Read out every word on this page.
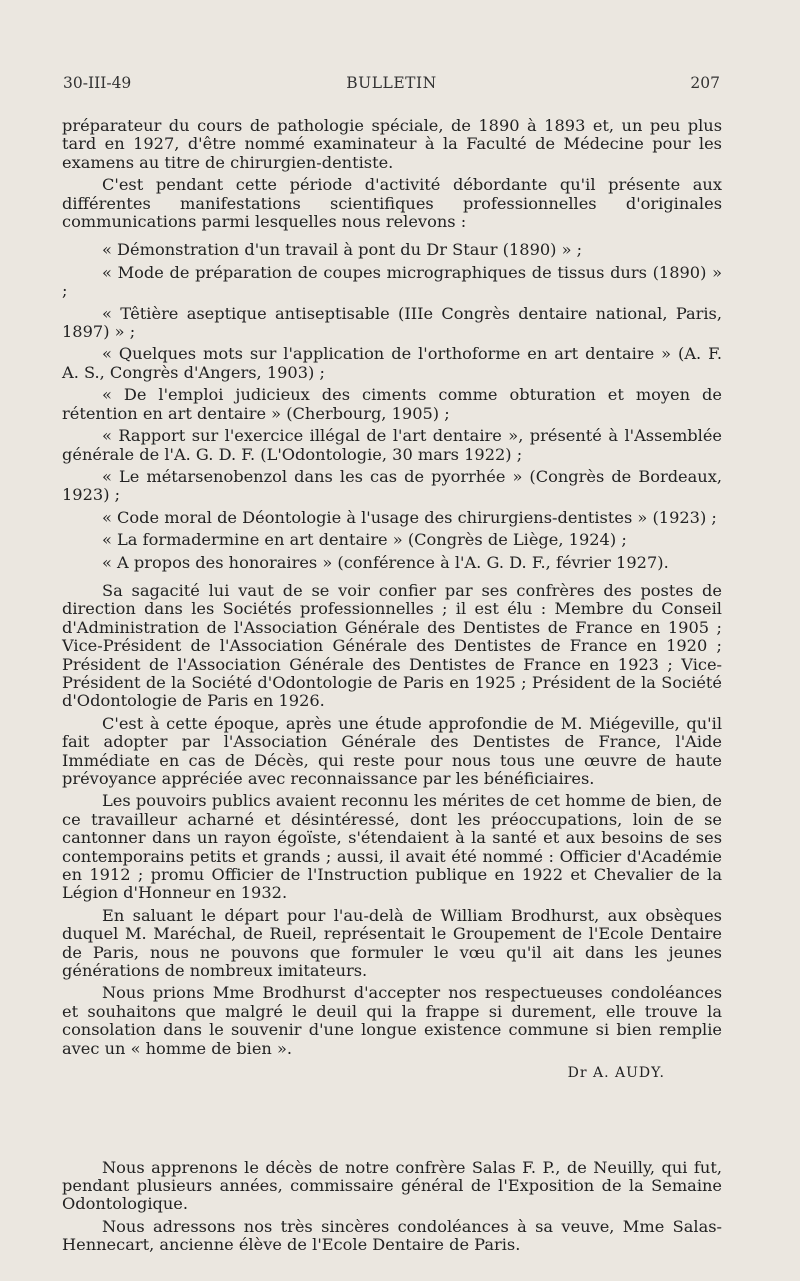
30-III-49	BULLETIN	207

préparateur du cours de pathologie spéciale, de 1890 à 1893 et, un peu plus tard en 1927, d'être nommé examinateur à la Faculté de Médecine pour les examens au titre de chirurgien-dentiste.

C'est pendant cette période d'activité débordante qu'il présente aux différentes manifestations scientifiques professionnelles d'originales communications parmi lesquelles nous relevons :

« Démonstration d'un travail à pont du Dr Staur (1890) » ;

« Mode de préparation de coupes micrographiques de tissus durs (1890) » ;

« Têtière aseptique antiseptisable (IIIe Congrès dentaire national, Paris, 1897) » ;

« Quelques mots sur l'application de l'orthoforme en art dentaire » (A. F. A. S., Congrès d'Angers, 1903) ;

« De l'emploi judicieux des ciments comme obturation et moyen de rétention en art dentaire » (Cherbourg, 1905) ;

« Rapport sur l'exercice illégal de l'art dentaire », présenté à l'Assemblée générale de l'A. G. D. F. (L'Odontologie, 30 mars 1922) ;

« Le métarsenobenzol dans les cas de pyorrhée » (Congrès de Bordeaux, 1923) ;

« Code moral de Déontologie à l'usage des chirurgiens-dentistes » (1923) ;

« La formadermine en art dentaire » (Congrès de Liège, 1924) ;

« A propos des honoraires » (conférence à l'A. G. D. F., février 1927).

Sa sagacité lui vaut de se voir confier par ses confrères des postes de direction dans les Sociétés professionnelles ; il est élu : Membre du Conseil d'Administration de l'Association Générale des Dentistes de France en 1905 ; Vice-Président de l'Association Générale des Dentistes de France en 1920 ; Président de l'Association Générale des Dentistes de France en 1923 ; Vice-Président de la Société d'Odontologie de Paris en 1925 ; Président de la Société d'Odontologie de Paris en 1926.

C'est à cette époque, après une étude approfondie de M. Miégeville, qu'il fait adopter par l'Association Générale des Dentistes de France, l'Aide Immédiate en cas de Décès, qui reste pour nous tous une œuvre de haute prévoyance appréciée avec reconnaissance par les bénéficiaires.

Les pouvoirs publics avaient reconnu les mérites de cet homme de bien, de ce travailleur acharné et désintéressé, dont les préoccupations, loin de se cantonner dans un rayon égoïste, s'étendaient à la santé et aux besoins de ses contemporains petits et grands ; aussi, il avait été nommé : Officier d'Académie en 1912 ; promu Officier de l'Instruction publique en 1922 et Chevalier de la Légion d'Honneur en 1932.

En saluant le départ pour l'au-delà de William Brodhurst, aux obsèques duquel M. Maréchal, de Rueil, représentait le Groupement de l'Ecole Dentaire de Paris, nous ne pouvons que formuler le vœu qu'il ait dans les jeunes générations de nombreux imitateurs.

Nous prions Mme Brodhurst d'accepter nos respectueuses condoléances et souhaitons que malgré le deuil qui la frappe si durement, elle trouve la consolation dans le souvenir d'une longue existence commune si bien remplie avec un « homme de bien ».

Dr A. AUDY.

Nous apprenons le décès de notre confrère Salas F. P., de Neuilly, qui fut, pendant plusieurs années, commissaire général de l'Exposition de la Semaine Odontologique.

Nous adressons nos très sincères condoléances à sa veuve, Mme Salas-Hennecart, ancienne élève de l'Ecole Dentaire de Paris.
